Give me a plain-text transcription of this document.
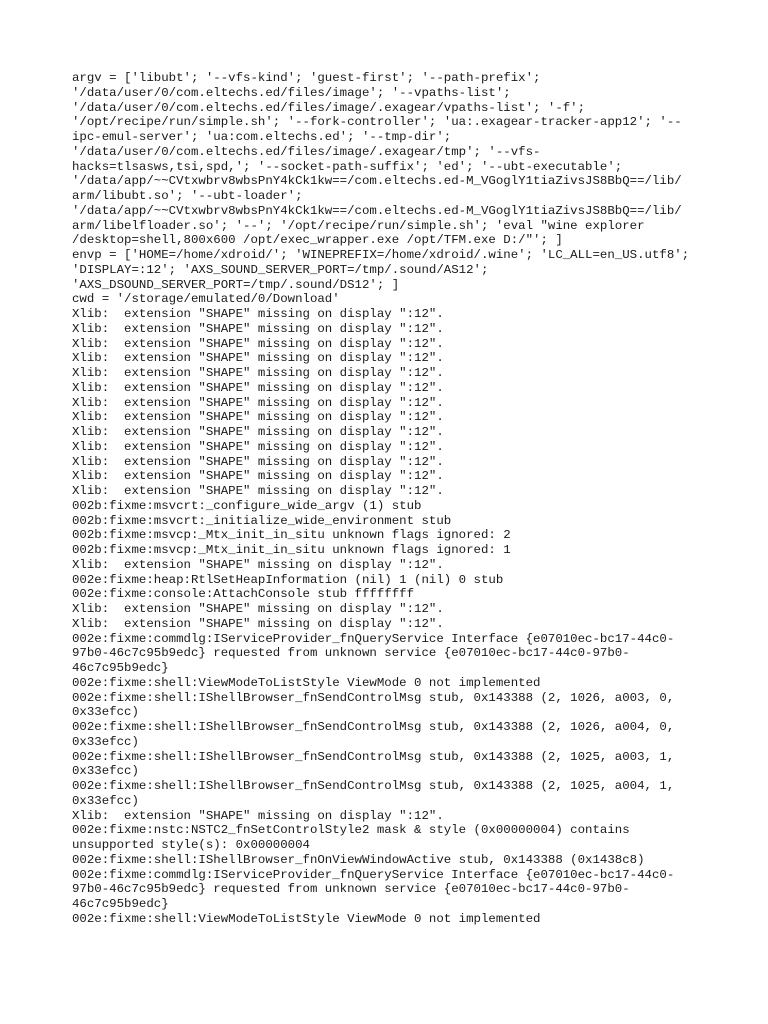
argv = ['libubt'; '--vfs-kind'; 'guest-first'; '--path-prefix';
'/data/user/0/com.eltechs.ed/files/image'; '--vpaths-list';
'/data/user/0/com.eltechs.ed/files/image/.exagear/vpaths-list'; '-f';
'/opt/recipe/run/simple.sh'; '--fork-controller'; 'ua:.exagear-tracker-app12'; '--
ipc-emul-server'; 'ua:com.eltechs.ed'; '--tmp-dir';
'/data/user/0/com.eltechs.ed/files/image/.exagear/tmp'; '--vfs-
hacks=tlsasws,tsi,spd,'; '--socket-path-suffix'; 'ed'; '--ubt-executable';
'/data/app/~~CVtxwbrv8wbsPnY4kCk1kw==/com.eltechs.ed-M_VGoglY1tiaZivsJS8BbQ==/lib/
arm/libubt.so'; '--ubt-loader';
'/data/app/~~CVtxwbrv8wbsPnY4kCk1kw==/com.eltechs.ed-M_VGoglY1tiaZivsJS8BbQ==/lib/
arm/libelfloader.so'; '--'; '/opt/recipe/run/simple.sh'; 'eval "wine explorer
/desktop=shell,800x600 /opt/exec_wrapper.exe /opt/TFM.exe D:/"'; ]
envp = ['HOME=/home/xdroid/'; 'WINEPREFIX=/home/xdroid/.wine'; 'LC_ALL=en_US.utf8';
'DISPLAY=:12'; 'AXS_SOUND_SERVER_PORT=/tmp/.sound/AS12';
'AXS_DSOUND_SERVER_PORT=/tmp/.sound/DS12'; ]
cwd = '/storage/emulated/0/Download'
Xlib:  extension "SHAPE" missing on display ":12".
Xlib:  extension "SHAPE" missing on display ":12".
Xlib:  extension "SHAPE" missing on display ":12".
Xlib:  extension "SHAPE" missing on display ":12".
Xlib:  extension "SHAPE" missing on display ":12".
Xlib:  extension "SHAPE" missing on display ":12".
Xlib:  extension "SHAPE" missing on display ":12".
Xlib:  extension "SHAPE" missing on display ":12".
Xlib:  extension "SHAPE" missing on display ":12".
Xlib:  extension "SHAPE" missing on display ":12".
Xlib:  extension "SHAPE" missing on display ":12".
Xlib:  extension "SHAPE" missing on display ":12".
Xlib:  extension "SHAPE" missing on display ":12".
002b:fixme:msvcrt:_configure_wide_argv (1) stub
002b:fixme:msvcrt:_initialize_wide_environment stub
002b:fixme:msvcp:_Mtx_init_in_situ unknown flags ignored: 2
002b:fixme:msvcp:_Mtx_init_in_situ unknown flags ignored: 1
Xlib:  extension "SHAPE" missing on display ":12".
002e:fixme:heap:RtlSetHeapInformation (nil) 1 (nil) 0 stub
002e:fixme:console:AttachConsole stub ffffffff
Xlib:  extension "SHAPE" missing on display ":12".
Xlib:  extension "SHAPE" missing on display ":12".
002e:fixme:commdlg:IServiceProvider_fnQueryService Interface {e07010ec-bc17-44c0-
97b0-46c7c95b9edc} requested from unknown service {e07010ec-bc17-44c0-97b0-
46c7c95b9edc}
002e:fixme:shell:ViewModeToListStyle ViewMode 0 not implemented
002e:fixme:shell:IShellBrowser_fnSendControlMsg stub, 0x143388 (2, 1026, a003, 0,
0x33efcc)
002e:fixme:shell:IShellBrowser_fnSendControlMsg stub, 0x143388 (2, 1026, a004, 0,
0x33efcc)
002e:fixme:shell:IShellBrowser_fnSendControlMsg stub, 0x143388 (2, 1025, a003, 1,
0x33efcc)
002e:fixme:shell:IShellBrowser_fnSendControlMsg stub, 0x143388 (2, 1025, a004, 1,
0x33efcc)
Xlib:  extension "SHAPE" missing on display ":12".
002e:fixme:nstc:NSTC2_fnSetControlStyle2 mask & style (0x00000004) contains
unsupported style(s): 0x00000004
002e:fixme:shell:IShellBrowser_fnOnViewWindowActive stub, 0x143388 (0x1438c8)
002e:fixme:commdlg:IServiceProvider_fnQueryService Interface {e07010ec-bc17-44c0-
97b0-46c7c95b9edc} requested from unknown service {e07010ec-bc17-44c0-97b0-
46c7c95b9edc}
002e:fixme:shell:ViewModeToListStyle ViewMode 0 not implemented
